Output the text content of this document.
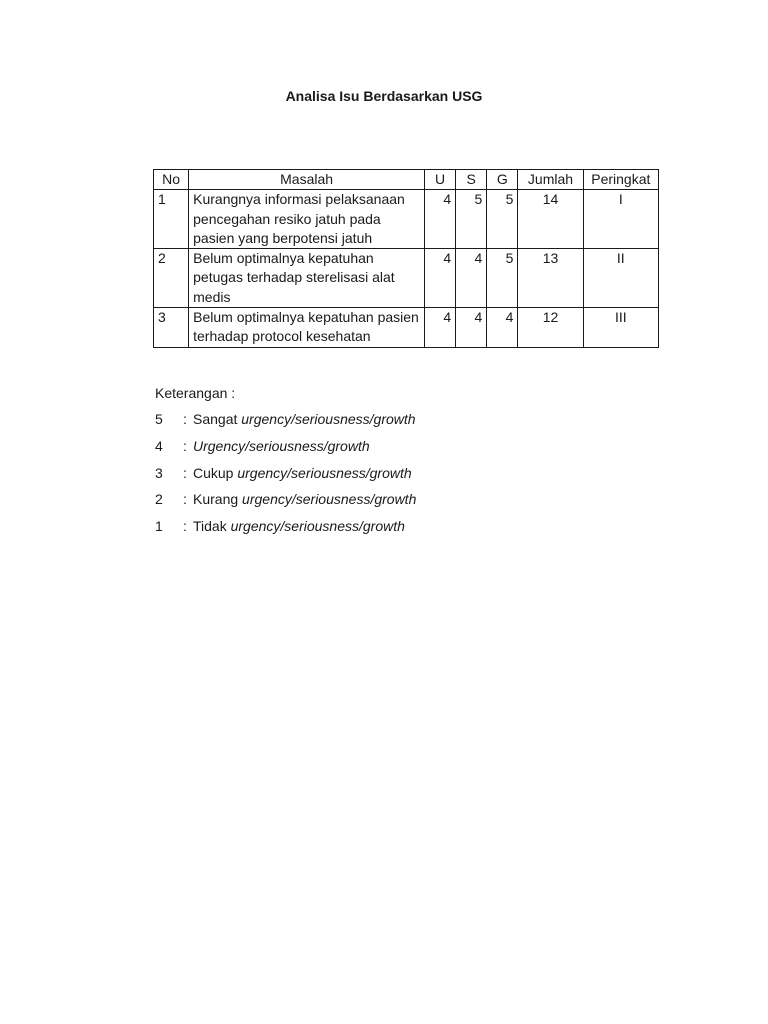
Analisa Isu Berdasarkan USG
No	Masalah	U	S	G	Jumlah	Peringkat
1	Kurangnya informasi pelaksanaan pencegahan resiko jatuh pada pasien yang berpotensi jatuh	4	5	5	14	I
2	Belum optimalnya kepatuhan petugas terhadap sterelisasi alat medis	4	4	5	13	II
3	Belum optimalnya kepatuhan pasien terhadap protocol kesehatan	4	4	4	12	III
Keterangan :
5 : Sangat urgency/seriousness/growth
4 : Urgency/seriousness/growth
3 : Cukup urgency/seriousness/growth
2 : Kurang urgency/seriousness/growth
1 : Tidak urgency/seriousness/growth
